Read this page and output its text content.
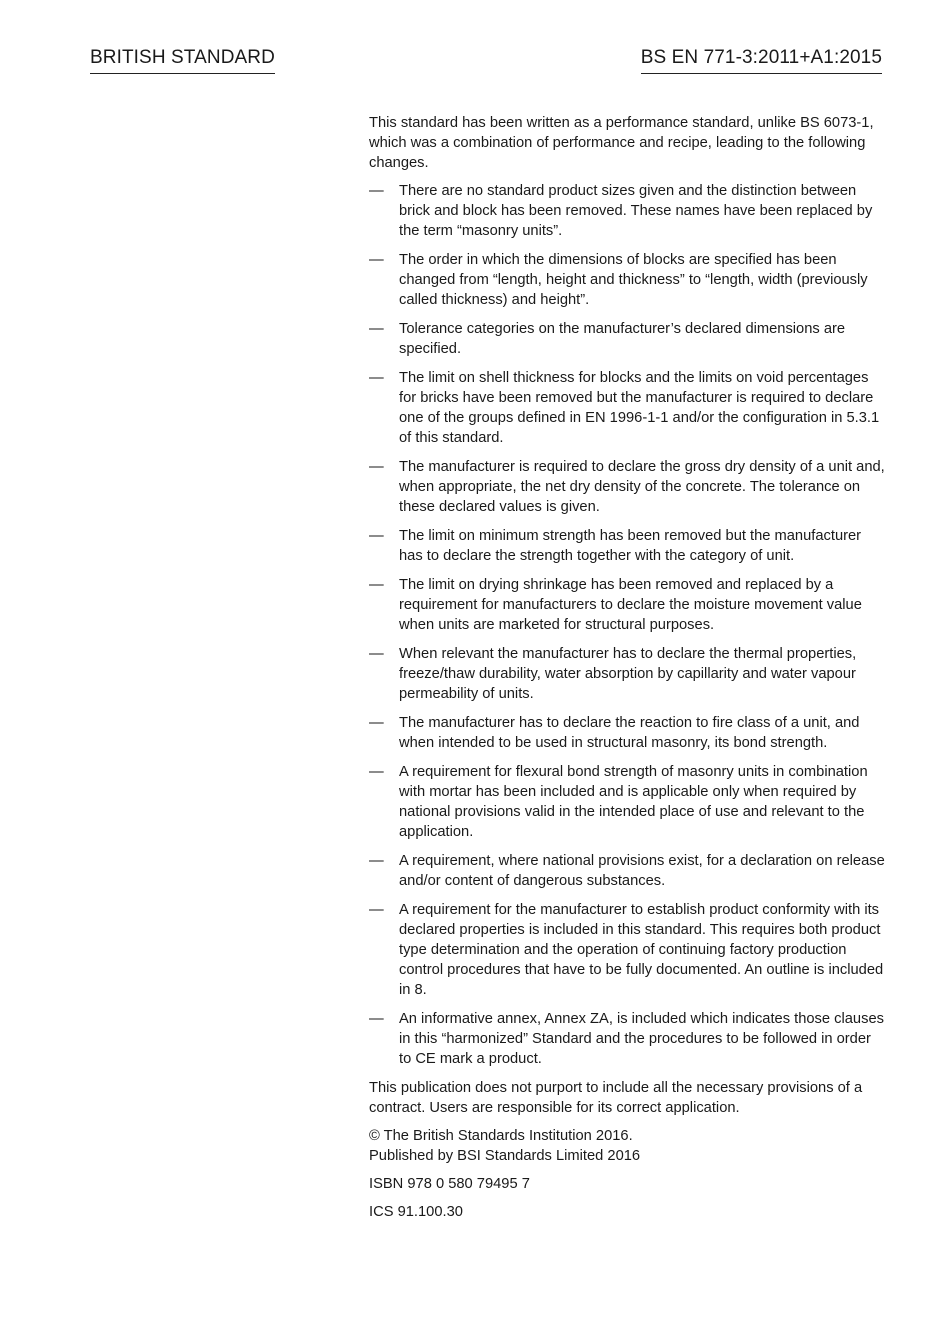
BRITISH STANDARD	BS EN 771-3:2011+A1:2015

This standard has been written as a performance standard, unlike BS 6073-1, which was a combination of performance and recipe, leading to the following changes.

—	There are no standard product sizes given and the distinction between brick and block has been removed. These names have been replaced by the term “masonry units”.
—	The order in which the dimensions of blocks are specified has been changed from “length, height and thickness” to “length, width (previously called thickness) and height”.
—	Tolerance categories on the manufacturer’s declared dimensions are specified.
—	The limit on shell thickness for blocks and the limits on void percentages for bricks have been removed but the manufacturer is required to declare one of the groups defined in EN 1996-1-1 and/or the configuration in 5.3.1 of this standard.
—	The manufacturer is required to declare the gross dry density of a unit and, when appropriate, the net dry density of the concrete. The tolerance on these declared values is given.
—	The limit on minimum strength has been removed but the manufacturer has to declare the strength together with the category of unit.
—	The limit on drying shrinkage has been removed and replaced by a requirement for manufacturers to declare the moisture movement value when units are marketed for structural purposes.
—	When relevant the manufacturer has to declare the thermal properties, freeze/thaw durability, water absorption by capillarity and water vapour permeability of units.
—	The manufacturer has to declare the reaction to fire class of a unit, and when intended to be used in structural masonry, its bond strength.
—	A requirement for flexural bond strength of masonry units in combination with mortar has been included and is applicable only when required by national provisions valid in the intended place of use and relevant to the application.
—	A requirement, where national provisions exist, for a declaration on release and/or content of dangerous substances.
—	A requirement for the manufacturer to establish product conformity with its declared properties is included in this standard. This requires both product type determination and the operation of continuing factory production control procedures that have to be fully documented. An outline is included in 8.
—	An informative annex, Annex ZA, is included which indicates those clauses in this “harmonized” Standard and the procedures to be followed in order to CE mark a product.

This publication does not purport to include all the necessary provisions of a contract. Users are responsible for its correct application.

© The British Standards Institution 2016.
Published by BSI Standards Limited 2016

ISBN 978 0 580 79495 7

ICS 91.100.30
